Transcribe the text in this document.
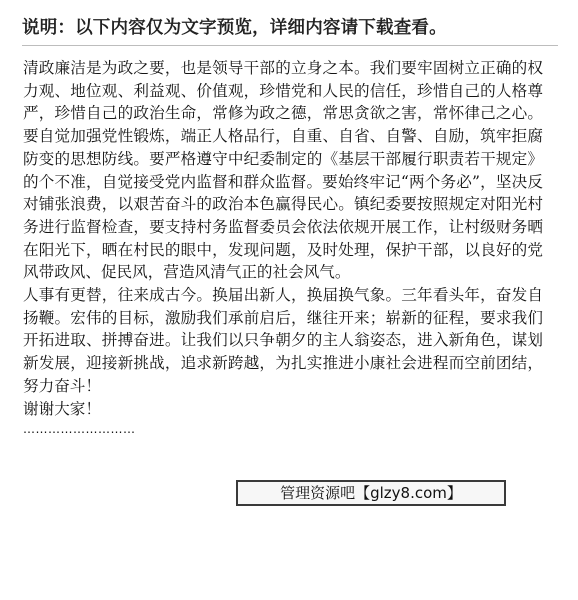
说明：以下内容仅为文字预览，详细内容请下载查看。

清政廉洁是为政之要，也是领导干部的立身之本。我们要牢固树立正确的权力观、地位观、利益观、价值观，珍惜党和人民的信任，珍惜自己的人格尊严，珍惜自己的政治生命，常修为政之德，常思贪欲之害，常怀律己之心。要自觉加强党性锻炼，端正人格品行，自重、自省、自警、自励，筑牢拒腐防变的思想防线。要严格遵守中纪委制定的《基层干部履行职责若干规定》的个不准，自觉接受党内监督和群众监督。要始终牢记“两个务必”，坚决反对铺张浪费，以艰苦奋斗的政治本色赢得民心。镇纪委要按照规定对阳光村务进行监督检查，要支持村务监督委员会依法依规开展工作，让村级财务晒在阳光下，晒在村民的眼中，发现问题，及时处理，保护干部，以良好的党风带政风、促民风，营造风清气正的社会风气。

人事有更替，往来成古今。换届出新人，换届换气象。三年看头年，奋发自扬鞭。宏伟的目标，激励我们承前启后，继往开来；崭新的征程，要求我们开拓进取、拼搏奋进。让我们以只争朝夕的主人翁姿态，进入新角色，谋划新发展，迎接新挑战，追求新跨越，为扎实推进小康社会进程而空前团结，努力奋斗！

谢谢大家！

………………………

管理资源吧【glzy8.com】
